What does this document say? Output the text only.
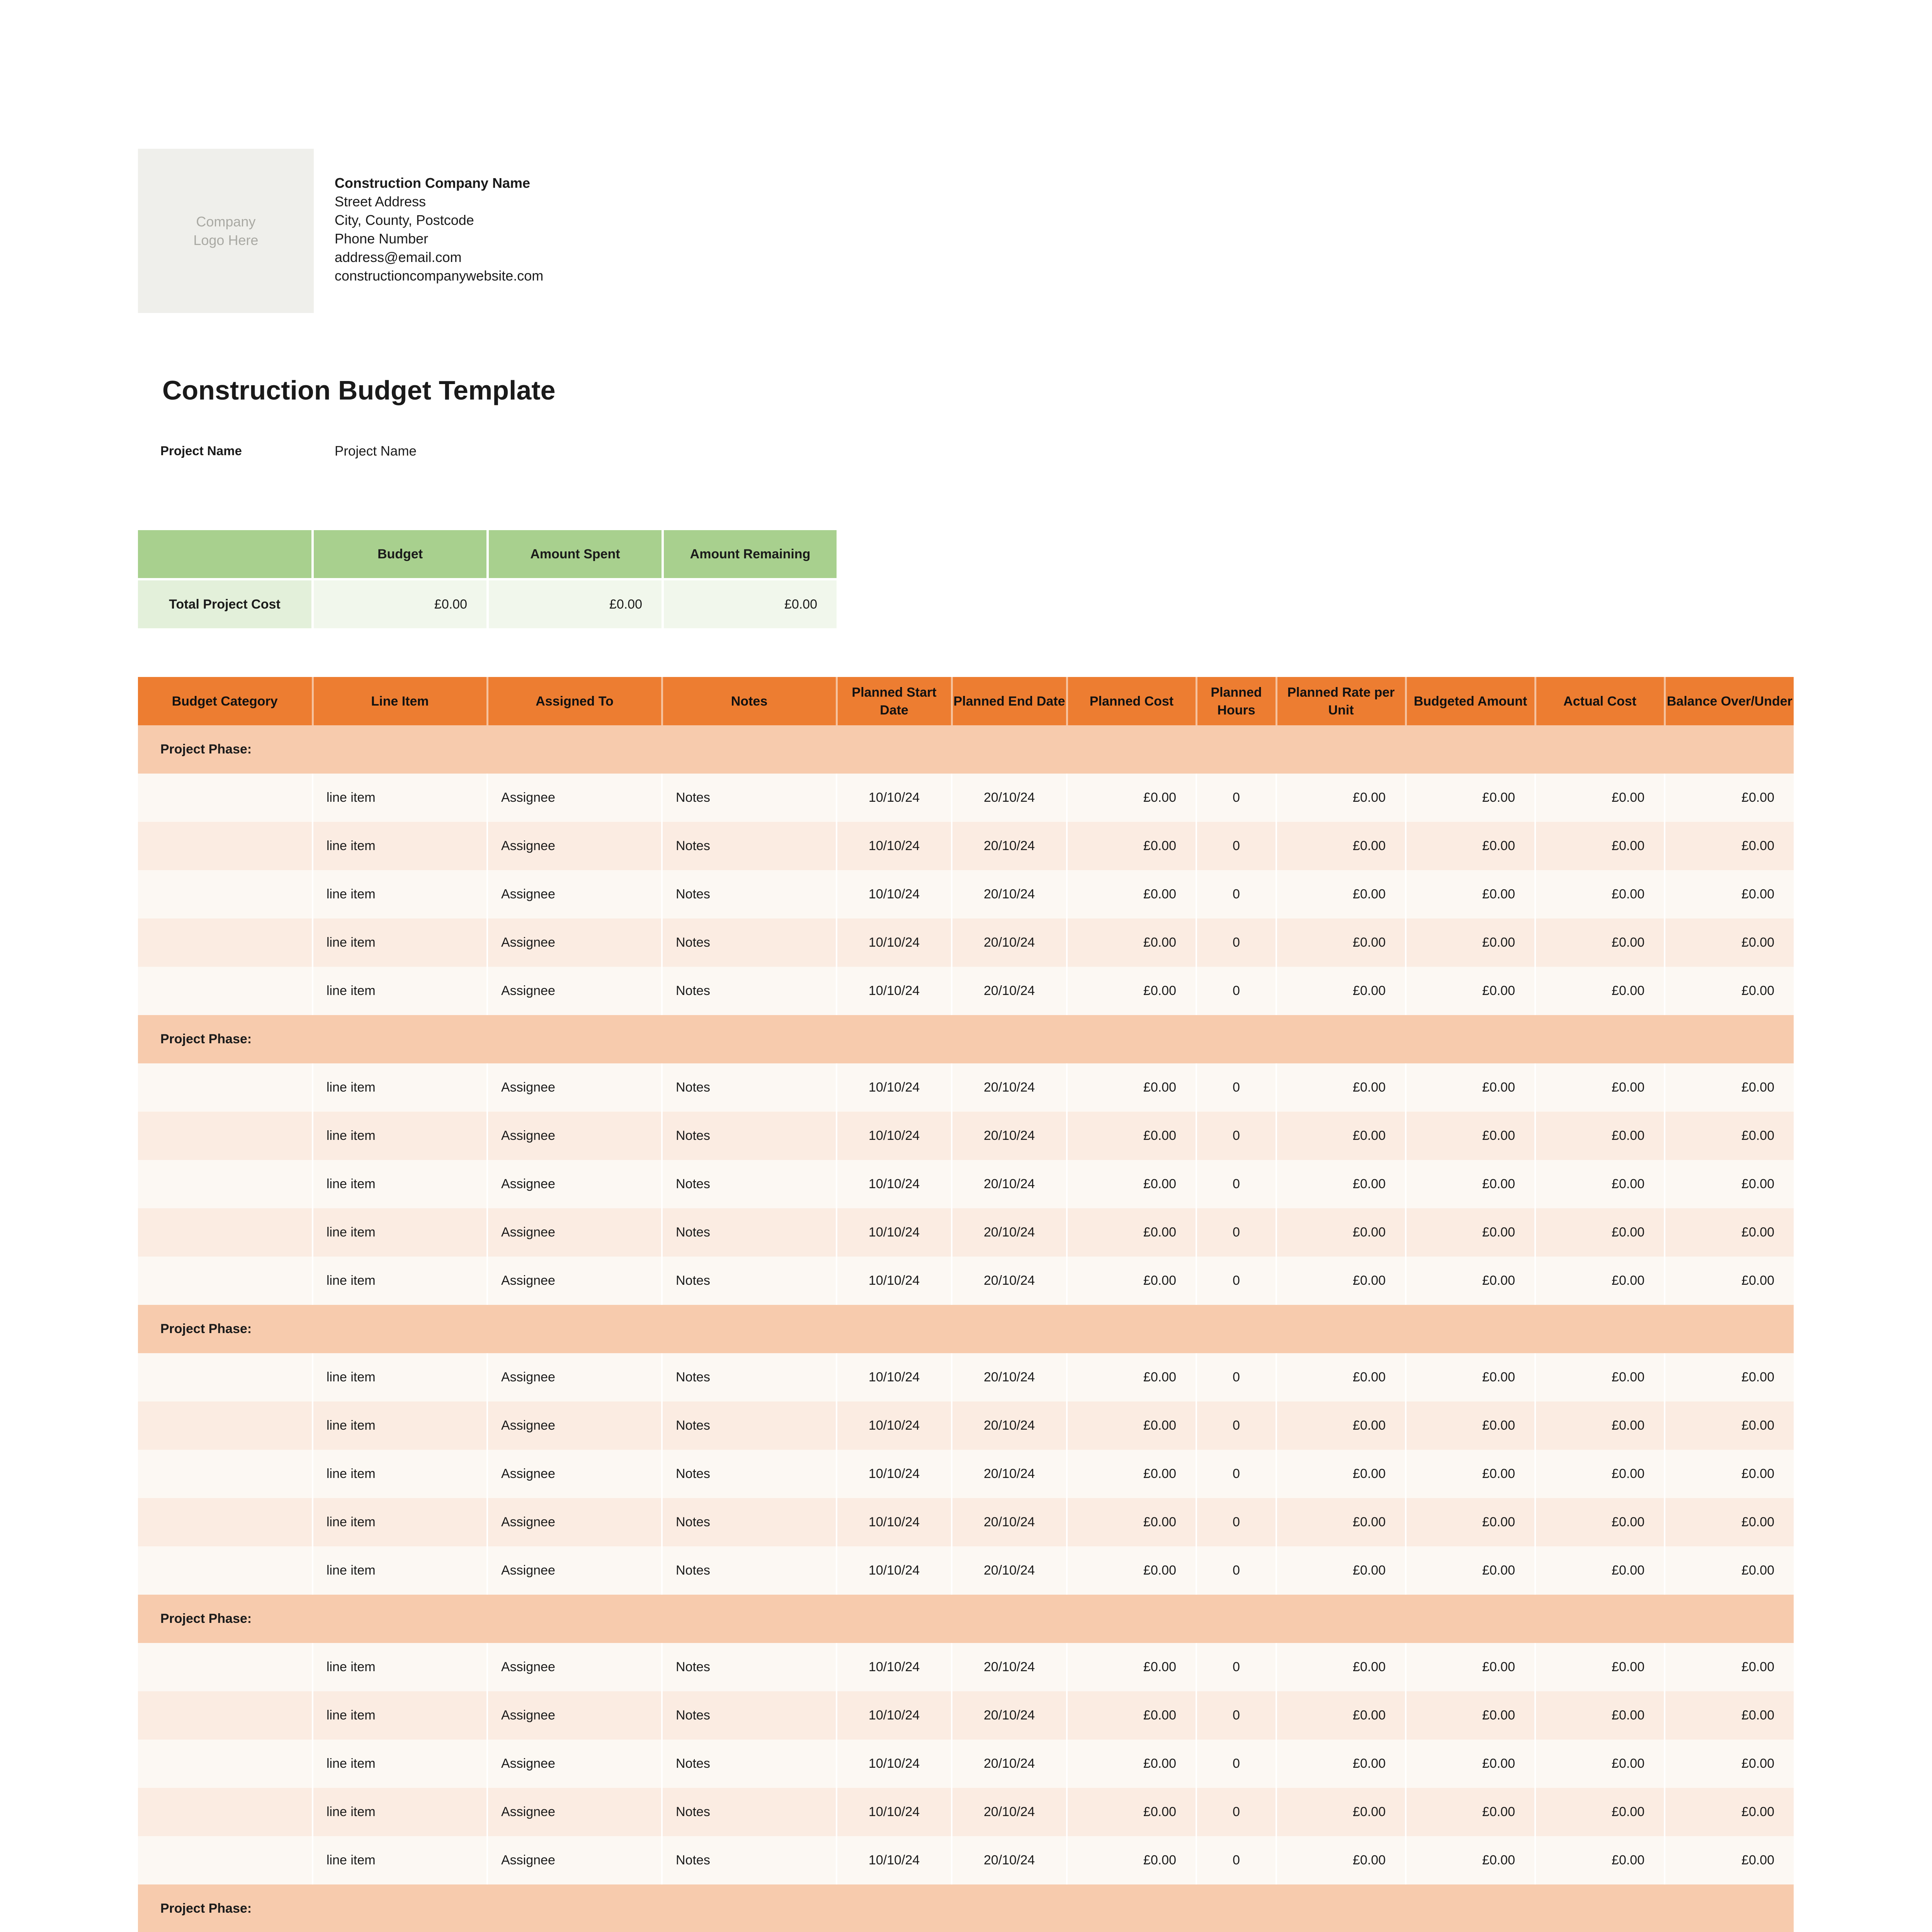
Company
Logo Here
Construction Company Name
Street Address
City, County, Postcode
Phone Number
address@email.com
constructioncompanywebsite.com
Construction Budget Template
Project Name	Project Name
	Budget	Amount Spent	Amount Remaining
Total Project Cost	£0.00	£0.00	£0.00
Budget Category	Line Item	Assigned To	Notes	Planned Start Date	Planned End Date	Planned Cost	Planned Hours	Planned Rate per Unit	Budgeted Amount	Actual Cost	Balance Over/Under
Project Phase:											
	line item	Assignee	Notes	10/10/24	20/10/24	£0.00	0	£0.00	£0.00	£0.00	£0.00
	line item	Assignee	Notes	10/10/24	20/10/24	£0.00	0	£0.00	£0.00	£0.00	£0.00
	line item	Assignee	Notes	10/10/24	20/10/24	£0.00	0	£0.00	£0.00	£0.00	£0.00
	line item	Assignee	Notes	10/10/24	20/10/24	£0.00	0	£0.00	£0.00	£0.00	£0.00
	line item	Assignee	Notes	10/10/24	20/10/24	£0.00	0	£0.00	£0.00	£0.00	£0.00
Project Phase:											
	line item	Assignee	Notes	10/10/24	20/10/24	£0.00	0	£0.00	£0.00	£0.00	£0.00
	line item	Assignee	Notes	10/10/24	20/10/24	£0.00	0	£0.00	£0.00	£0.00	£0.00
	line item	Assignee	Notes	10/10/24	20/10/24	£0.00	0	£0.00	£0.00	£0.00	£0.00
	line item	Assignee	Notes	10/10/24	20/10/24	£0.00	0	£0.00	£0.00	£0.00	£0.00
	line item	Assignee	Notes	10/10/24	20/10/24	£0.00	0	£0.00	£0.00	£0.00	£0.00
Project Phase:											
	line item	Assignee	Notes	10/10/24	20/10/24	£0.00	0	£0.00	£0.00	£0.00	£0.00
	line item	Assignee	Notes	10/10/24	20/10/24	£0.00	0	£0.00	£0.00	£0.00	£0.00
	line item	Assignee	Notes	10/10/24	20/10/24	£0.00	0	£0.00	£0.00	£0.00	£0.00
	line item	Assignee	Notes	10/10/24	20/10/24	£0.00	0	£0.00	£0.00	£0.00	£0.00
	line item	Assignee	Notes	10/10/24	20/10/24	£0.00	0	£0.00	£0.00	£0.00	£0.00
Project Phase:											
	line item	Assignee	Notes	10/10/24	20/10/24	£0.00	0	£0.00	£0.00	£0.00	£0.00
	line item	Assignee	Notes	10/10/24	20/10/24	£0.00	0	£0.00	£0.00	£0.00	£0.00
	line item	Assignee	Notes	10/10/24	20/10/24	£0.00	0	£0.00	£0.00	£0.00	£0.00
	line item	Assignee	Notes	10/10/24	20/10/24	£0.00	0	£0.00	£0.00	£0.00	£0.00
	line item	Assignee	Notes	10/10/24	20/10/24	£0.00	0	£0.00	£0.00	£0.00	£0.00
Project Phase:											
